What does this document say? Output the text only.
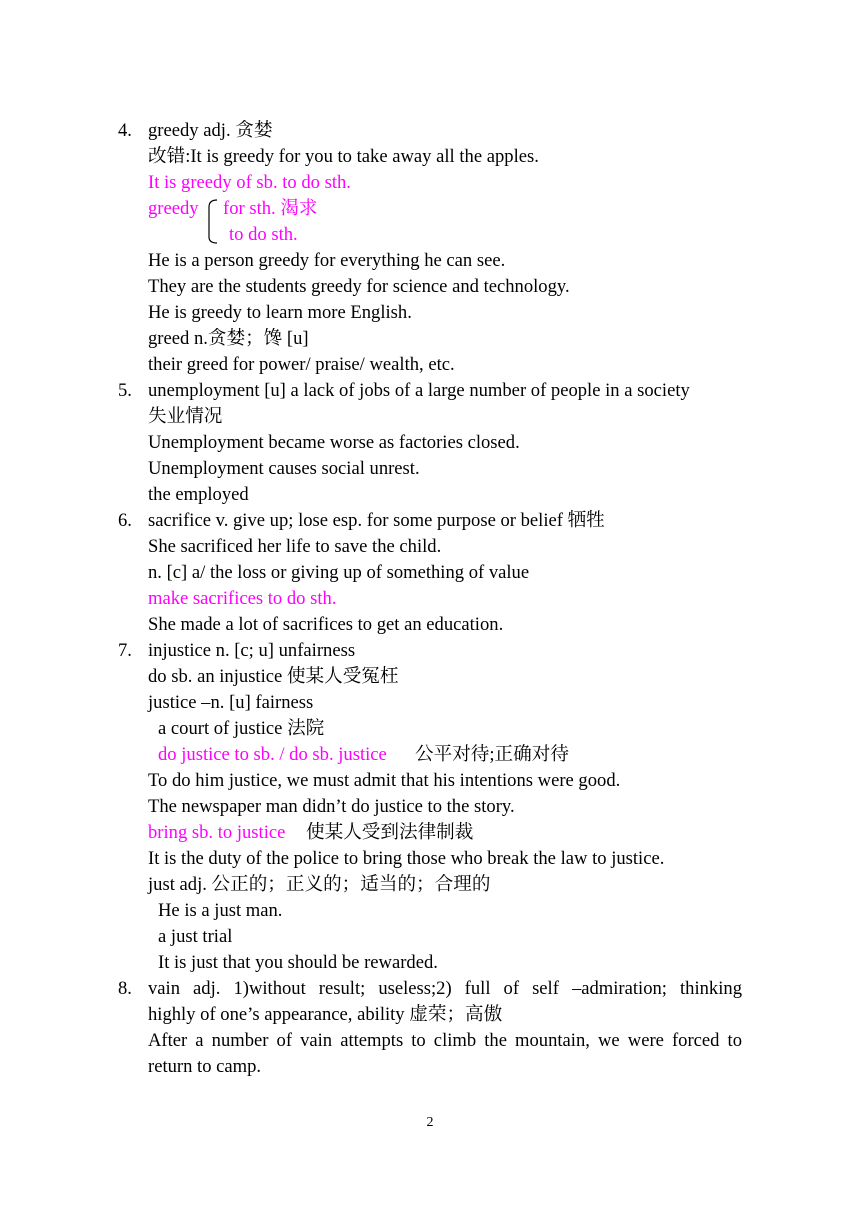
4. greedy adj. 贪婪
改错:It is greedy for you to take away all the apples.
It is greedy of sb. to do sth.
greedy for sth. 渴求
to do sth.
He is a person greedy for everything he can see.
They are the students greedy for science and technology.
He is greedy to learn more English.
greed n.贪婪；馋 [u]
their greed for power/ praise/ wealth, etc.
5. unemployment [u] a lack of jobs of a large number of people in a society
失业情况
Unemployment became worse as factories closed.
Unemployment causes social unrest.
the employed
6. sacrifice v. give up; lose esp. for some purpose or belief 牺牲
She sacrificed her life to save the child.
n. [c] a/ the loss or giving up of something of value
make sacrifices to do sth.
She made a lot of sacrifices to get an education.
7. injustice n. [c; u] unfairness
do sb. an injustice 使某人受冤枉
justice –n. [u] fairness
a court of justice 法院
do justice to sb. / do sb. justice 公平对待;正确对待
To do him justice, we must admit that his intentions were good.
The newspaper man didn’t do justice to the story.
bring sb. to justice 使某人受到法律制裁
It is the duty of the police to bring those who break the law to justice.
just adj. 公正的；正义的；适当的；合理的
He is a just man.
a just trial
It is just that you should be rewarded.
8. vain adj. 1)without result; useless;2) full of self –admiration; thinking
highly of one’s appearance, ability 虚荣；高傲
After a number of vain attempts to climb the mountain, we were forced to
return to camp.
2
